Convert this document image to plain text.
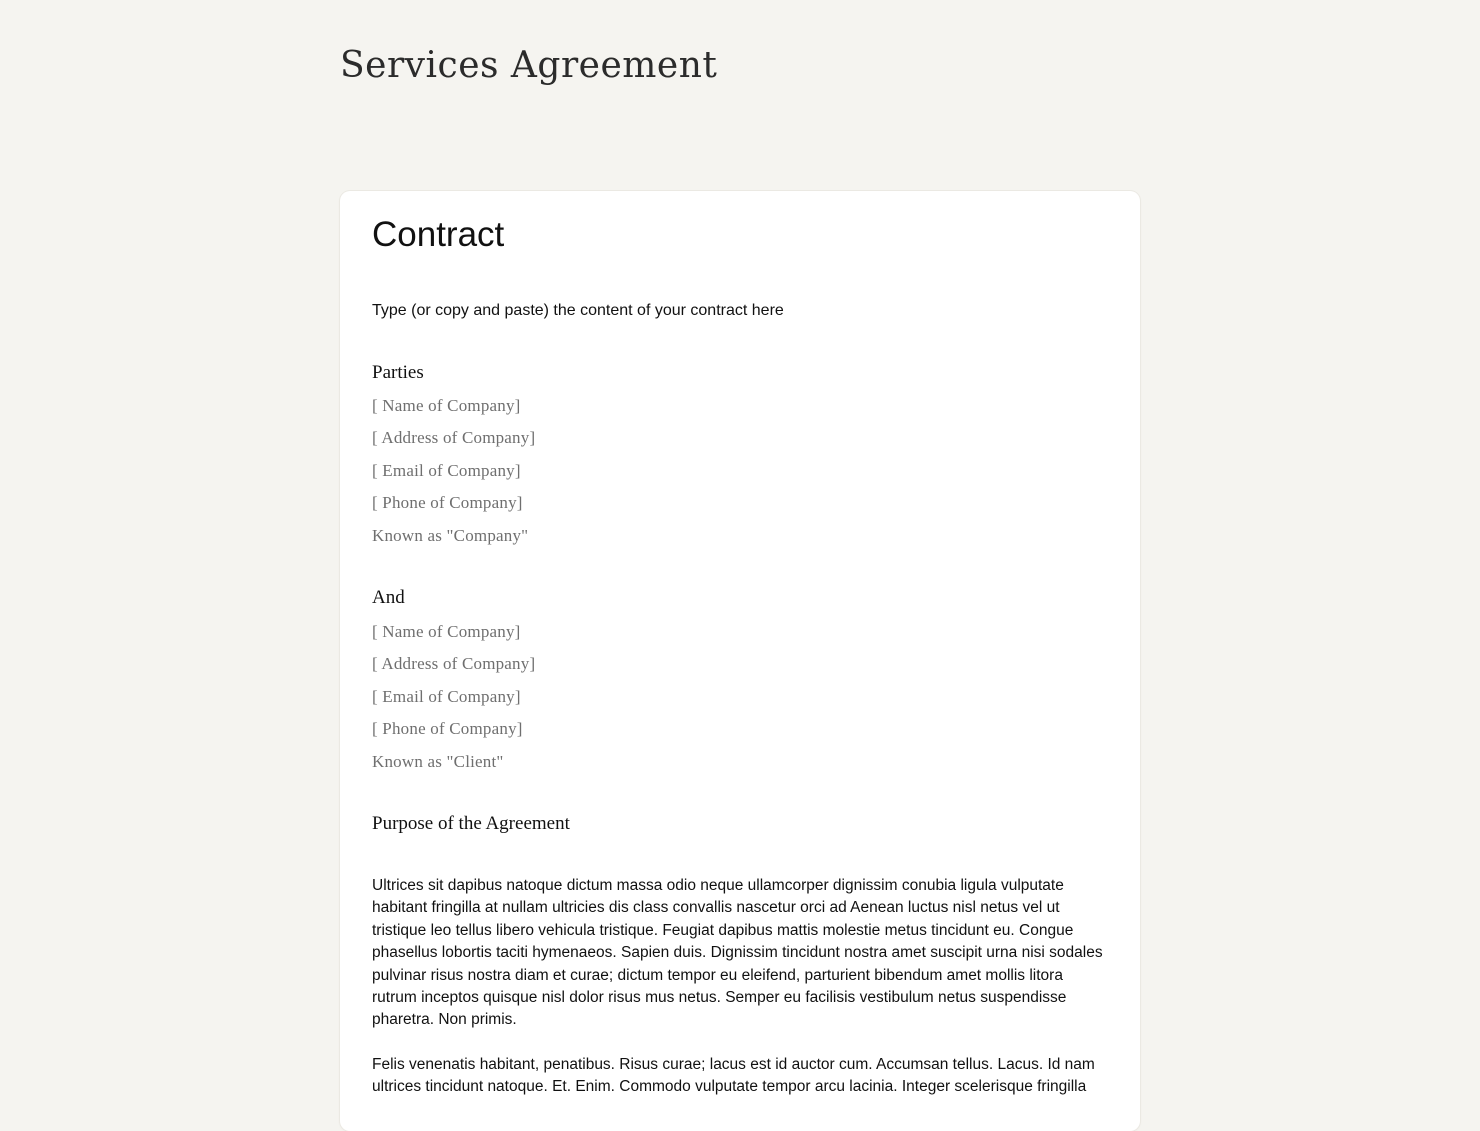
Services Agreement
Contract

Type (or copy and paste) the content of your contract here

Parties

[ Name of Company]
[ Address of Company]
[ Email of Company]
[ Phone of Company]
Known as "Company"

And

[ Name of Company]
[ Address of Company]
[ Email of Company]
[ Phone of Company]
Known as "Client"

Purpose of the Agreement

Ultrices sit dapibus natoque dictum massa odio neque ullamcorper dignissim conubia ligula vulputate habitant fringilla at nullam ultricies dis class convallis nascetur orci ad Aenean luctus nisl netus vel ut tristique leo tellus libero vehicula tristique. Feugiat dapibus mattis molestie metus tincidunt eu. Congue phasellus lobortis taciti hymenaeos. Sapien duis. Dignissim tincidunt nostra amet suscipit urna nisi sodales pulvinar risus nostra diam et curae; dictum tempor eu eleifend, parturient bibendum amet mollis litora rutrum inceptos quisque nisl dolor risus mus netus. Semper eu facilisis vestibulum netus suspendisse pharetra. Non primis.

Felis venenatis habitant, penatibus. Risus curae; lacus est id auctor cum. Accumsan tellus. Lacus. Id nam ultrices tincidunt natoque. Et. Enim. Commodo vulputate tempor arcu lacinia. Integer scelerisque fringilla
